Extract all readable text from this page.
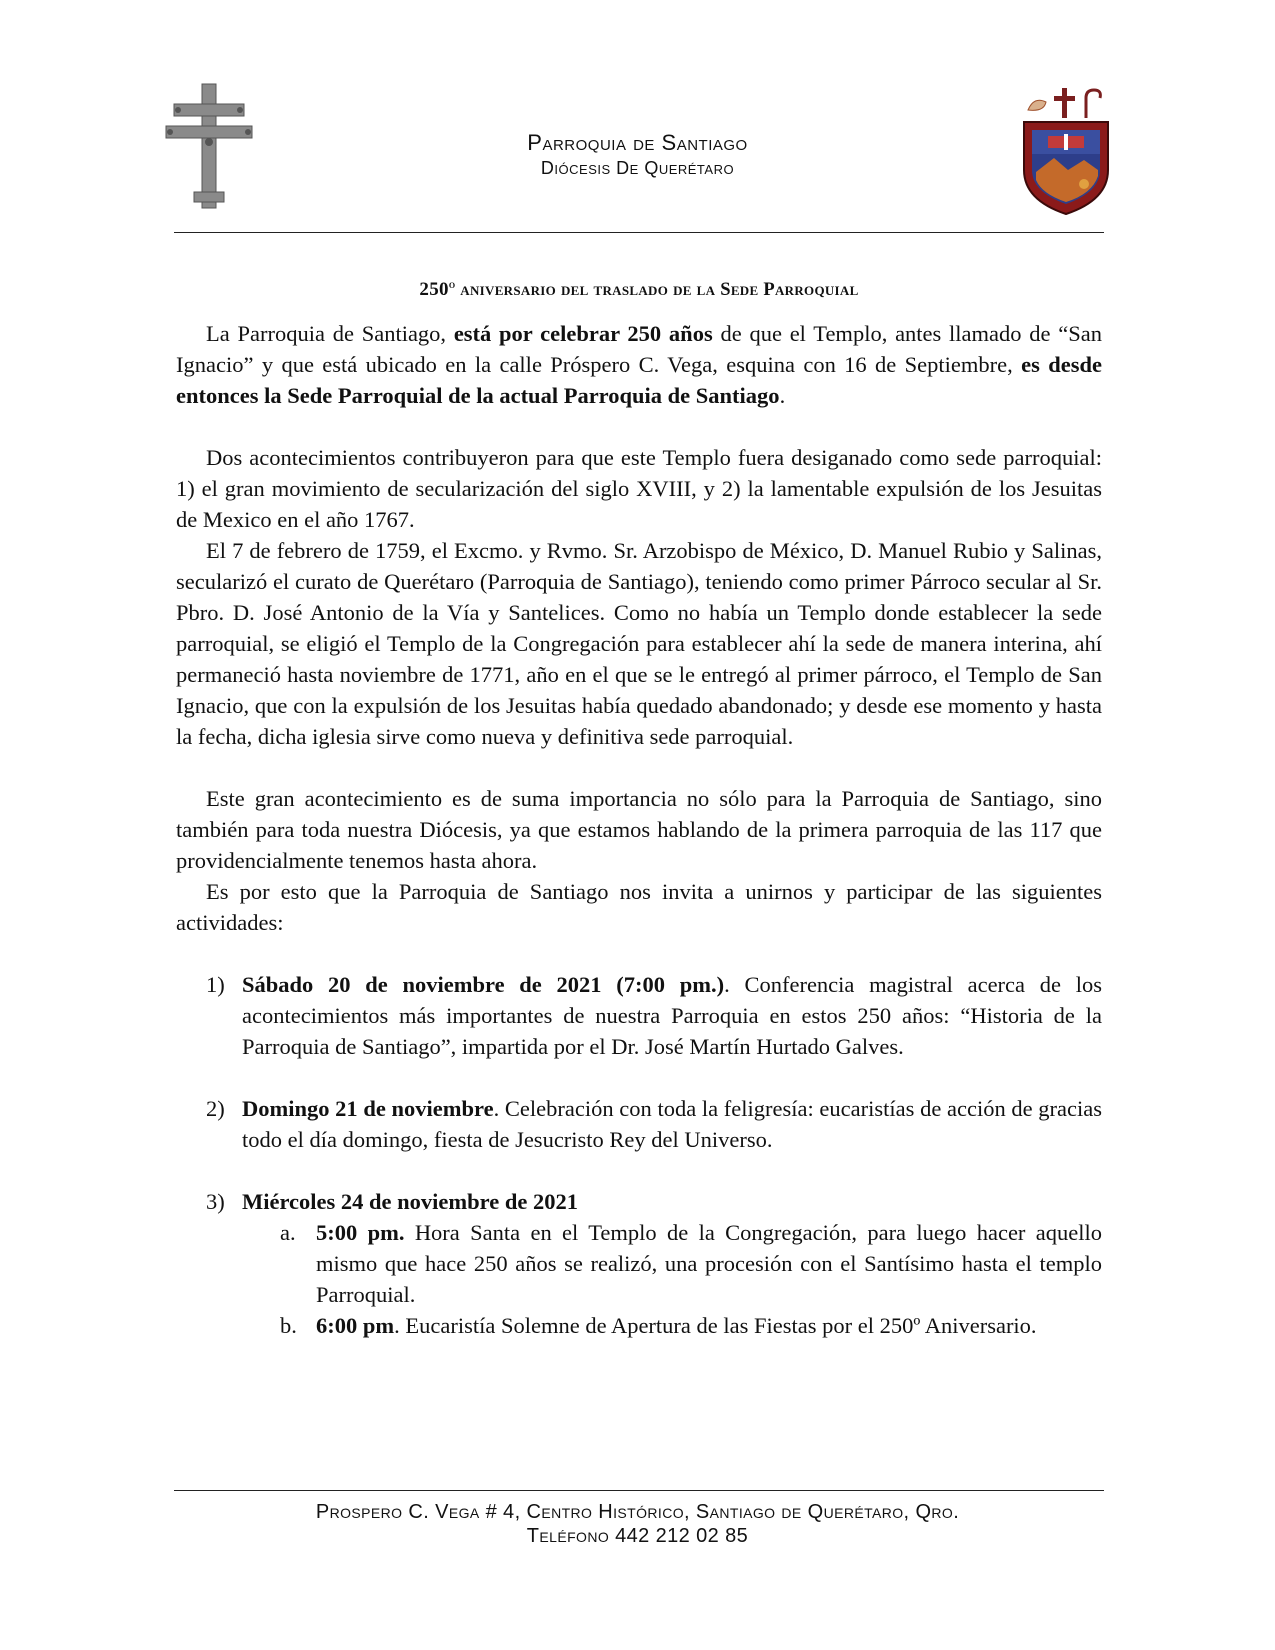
Parroquia de Santiago
Diócesis De Querétaro
250$^o$ aniversario del traslado de la Sede Parroquial

La Parroquia de Santiago, está por celebrar 250 años de que el Templo, antes llamado de “San Ignacio” y que está ubicado en la calle Próspero C. Vega, esquina con 16 de Septiembre, es desde entonces la Sede Parroquial de la actual Parroquia de Santiago.

Dos acontecimientos contribuyeron para que este Templo fuera desiganado como sede parroquial: 1) el gran movimiento de secularización del siglo XVIII, y 2) la lamentable expulsión de los Jesuitas de Mexico en el año 1767.

El 7 de febrero de 1759, el Excmo. y Rvmo. Sr. Arzobispo de México, D. Manuel Rubio y Salinas, secularizó el curato de Querétaro (Parroquia de Santiago), teniendo como primer Párroco secular al Sr. Pbro. D. José Antonio de la Vía y Santelices. Como no había un Templo donde establecer la sede parroquial, se eligió el Templo de la Congregación para establecer ahí la sede de manera interina, ahí permaneció hasta noviembre de 1771, año en el que se le entregó al primer párroco, el Templo de San Ignacio, que con la expulsión de los Jesuitas había quedado abandonado; y desde ese momento y hasta la fecha, dicha iglesia sirve como nueva y definitiva sede parroquial.

Este gran acontecimiento es de suma importancia no sólo para la Parroquia de Santiago, sino también para toda nuestra Diócesis, ya que estamos hablando de la primera parroquia de las 117 que providencialmente tenemos hasta ahora.

Es por esto que la Parroquia de Santiago nos invita a unirnos y participar de las siguientes actividades:

1) Sábado 20 de noviembre de 2021 (7:00 pm.). Conferencia magistral acerca de los acontecimientos más importantes de nuestra Parroquia en estos 250 años: “Historia de la Parroquia de Santiago”, impartida por el Dr. José Martín Hurtado Galves.
2) Domingo 21 de noviembre. Celebración con toda la feligresía: eucaristías de acción de gracias todo el día domingo, fiesta de Jesucristo Rey del Universo.
3) Miércoles 24 de noviembre de 2021
a. 5:00 pm. Hora Santa en el Templo de la Congregación, para luego hacer aquello mismo que hace 250 años se realizó, una procesión con el Santísimo hasta el templo Parroquial.
b. 6:00 pm. Eucaristía Solemne de Apertura de las Fiestas por el 250º Aniversario.
Prospero C. Vega # 4, Centro Histórico, Santiago de Querétaro, Qro.
Teléfono 442 212 02 85
